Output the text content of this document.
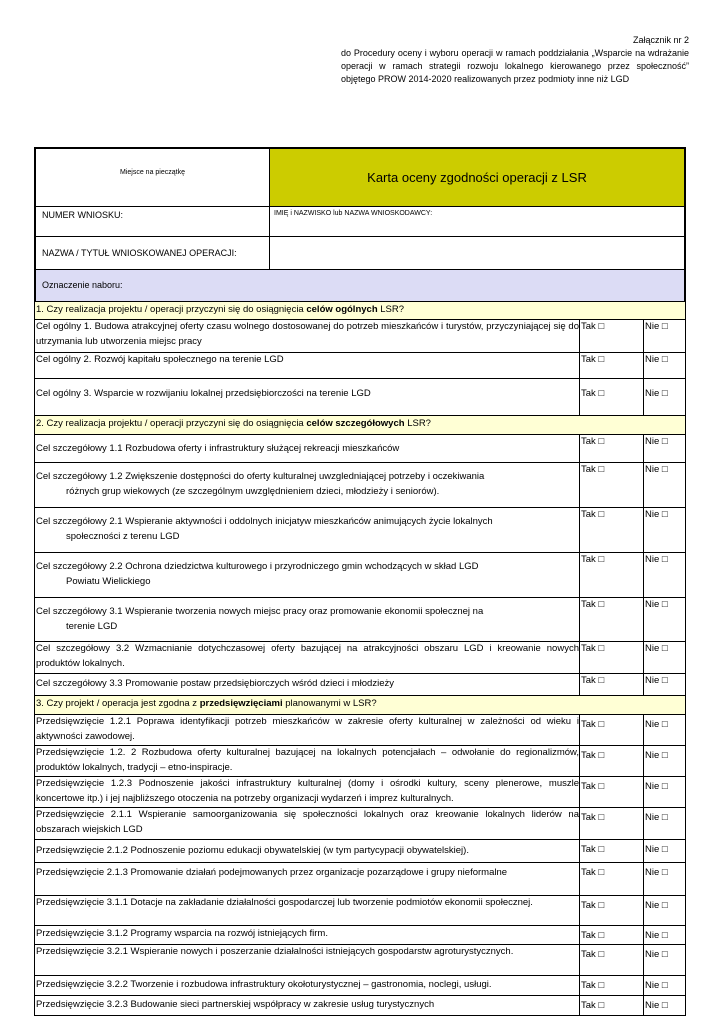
Załącznik nr 2
do Procedury oceny i wyboru operacji w ramach poddziałania „Wsparcie na wdrażanie operacji w ramach strategii rozwoju lokalnego kierowanego przez społeczność” objętego PROW 2014-2020 realizowanych przez podmioty inne niż LGD
Miejsce na pieczątkę	Karta oceny zgodności operacji z LSR
NUMER WNIOSKU:	IMIĘ i NAZWISKO lub NAZWA WNIOSKODAWCY:
NAZWA / TYTUŁ WNIOSKOWANEJ OPERACJI:
Oznaczenie naboru:
1. Czy realizacja projektu / operacji przyczyni się do osiągnięcia celów ogólnych LSR?
Cel ogólny 1. Budowa atrakcyjnej oferty czasu wolnego dostosowanej do potrzeb mieszkańców i turystów, przyczyniającej się do utrzymania lub utworzenia miejsc pracy
Tak □	Nie □
Cel ogólny 2. Rozwój kapitału społecznego na terenie LGD	Tak □	Nie □
Cel ogólny 3. Wsparcie w rozwijaniu lokalnej przedsiębiorczości na terenie LGD	Tak □	Nie □
2. Czy realizacja projektu / operacji przyczyni się do osiągnięcia celów szczegółowych LSR?
Cel szczegółowy 1.1 Rozbudowa oferty i infrastruktury służącej rekreacji mieszkańców
Tak □	Nie □
Cel szczegółowy 1.2 Zwiększenie dostępności do oferty kulturalnej uwzgledniającej potrzeby i oczekiwania
różnych grup wiekowych (ze szczególnym uwzględnieniem dzieci, młodzieży i seniorów).
Tak □	Nie □
Cel szczegółowy 2.1 Wspieranie aktywności i oddolnych inicjatyw mieszkańców animujących życie lokalnych
społeczności z terenu LGD
Tak □	Nie □
Cel szczegółowy 2.2 Ochrona dziedzictwa kulturowego i przyrodniczego gmin wchodzących w skład LGD
Powiatu Wielickiego
Tak □	Nie □
Cel szczegółowy 3.1 Wspieranie tworzenia nowych miejsc pracy oraz promowanie ekonomii społecznej na
terenie LGD
Tak □	Nie □
Cel szczegółowy 3.2 Wzmacnianie dotychczasowej oferty bazującej na atrakcyjności obszaru LGD i kreowanie nowych produktów lokalnych.
Tak □	Nie □
Cel szczegółowy 3.3 Promowanie postaw przedsiębiorczych wśród dzieci i młodzieży	Tak □	Nie □
3. Czy projekt / operacja jest zgodna z przedsięwzięciami planowanymi w LSR?
Przedsięwzięcie 1.2.1 Poprawa identyfikacji potrzeb mieszkańców w zakresie oferty kulturalnej w zależności od wieku i aktywności zawodowej.
Tak □	Nie □
Przedsięwzięcie 1.2. 2 Rozbudowa oferty kulturalnej bazującej na lokalnych potencjałach – odwołanie do regionalizmów, produktów lokalnych, tradycji – etno-inspiracje.
Tak □	Nie □
Przedsięwzięcie 1.2.3 Podnoszenie jakości infrastruktury kulturalnej (domy i ośrodki kultury, sceny plenerowe, muszle koncertowe itp.) i jej najbliższego otoczenia na potrzeby organizacji wydarzeń i imprez kulturalnych.
Tak □	Nie □
Przedsięwzięcie 2.1.1 Wspieranie samoorganizowania się społeczności lokalnych oraz kreowanie lokalnych liderów na obszarach wiejskich LGD
Tak □	Nie □
Przedsięwzięcie 2.1.2 Podnoszenie poziomu edukacji obywatelskiej (w tym partycypacji obywatelskiej).	Tak □	Nie □
Przedsięwzięcie 2.1.3 Promowanie działań podejmowanych przez organizacje pozarządowe i grupy nieformalne	Tak □	Nie □
Przedsięwzięcie 3.1.1 Dotacje na zakładanie działalności gospodarczej lub tworzenie podmiotów ekonomii społecznej.	Tak □	Nie □
Przedsięwzięcie 3.1.2 Programy wsparcia na rozwój istniejących firm.	Tak □	Nie □
Przedsięwzięcie 3.2.1 Wspieranie nowych i poszerzanie działalności istniejących gospodarstw agroturystycznych.	Tak □	Nie □
Przedsięwzięcie 3.2.2 Tworzenie i rozbudowa infrastruktury okołoturystycznej – gastronomia, noclegi, usługi.	Tak □	Nie □
Przedsięwzięcie 3.2.3 Budowanie sieci partnerskiej współpracy w zakresie usług turystycznych	Tak □	Nie □
